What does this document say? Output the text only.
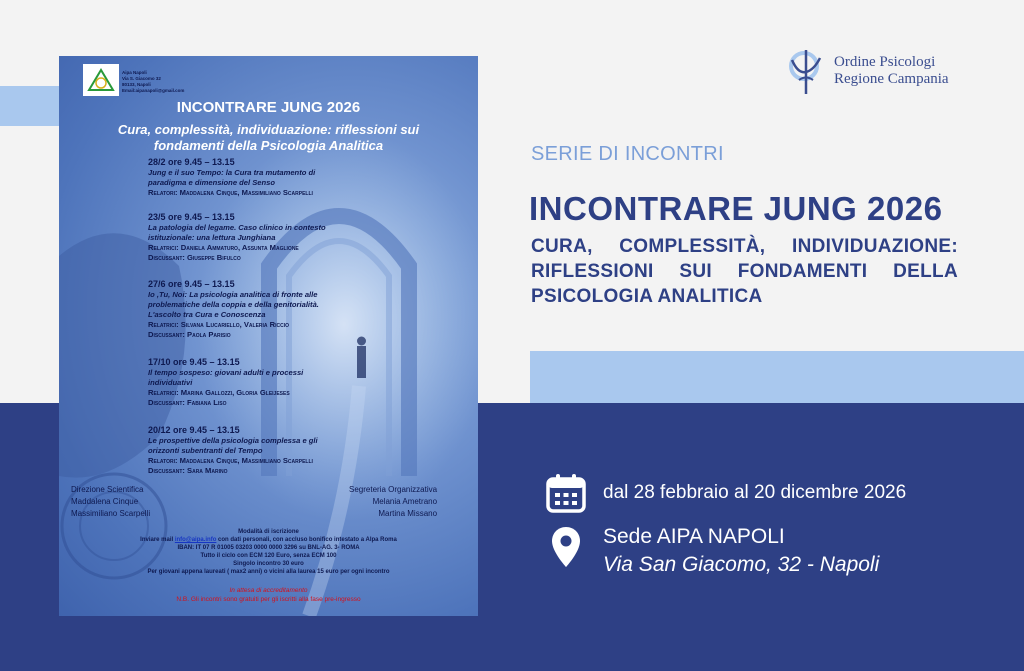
Ordine Psicologi
Regione Campania
SERIE DI INCONTRI
INCONTRARE JUNG 2026
CURA, COMPLESSITÀ, INDIVIDUAZIONE: RIFLESSIONI SUI FONDAMENTI DELLA PSICOLOGIA ANALITICA
dal 28 febbraio al 20 dicembre 2026
Sede AIPA NAPOLI
Via San Giacomo, 32 - Napoli
Aipa Napoli
Via S. Giacomo 32
80133, Napoli
Email:aipanapoli@gmail.com
INCONTRARE JUNG 2026
Cura, complessità, individuazione: riflessioni sui
fondamenti della Psicologia Analitica
28/2 ore 9.45 – 13.15
Jung e il suo Tempo: la Cura tra mutamento di
paradigma e dimensione del Senso
Relatori: Maddalena Cinque, Massimiliano Scarpelli
23/5 ore 9.45 – 13.15
La patologia del legame. Caso clinico in contesto
istituzionale: una lettura Junghiana
Relatrici: Daniela Ammaturo, Assunta Maglione
Discussant: Giuseppe Bifulco
27/6 ore 9.45 – 13.15
Io ,Tu, Noi: La psicologia analitica di fronte alle
problematiche della coppia e della genitorialità.
L'ascolto tra Cura e Conoscenza
Relatrici: Silvana Lucariello, Valeria Riccio
Discussant: Paola Parisio
17/10 ore 9.45 – 13.15
Il tempo sospeso: giovani adulti e processi
individuativi
Relatrici: Marina Gallozzi, Gloria Gleijeses
Discussant: Fabiana Liso
20/12 ore 9.45 – 13.15
Le prospettive della psicologia complessa e gli
orizzonti subentranti del Tempo
Relatori: Maddalena Cinque, Massimiliano Scarpelli
Discussant: Sara Marino
Direzione Scientifica
Maddalena Cinque
Massimiliano Scarpelli
Segreteria Organizzativa
Melania Ametrano
Martina Missano
Modalità di iscrizione
Inviare mail info@aipa.info con dati personali, con accluso bonifico intestato a Alpa Roma
IBAN: IT 07 R 01005 03203 0000 0000 3296 su BNL-AG. 3- ROMA
Tutto il ciclo con ECM 120 Euro, senza ECM 100
Singolo incontro 30 euro
Per giovani appena laureati ( max2 anni) o vicini alla laurea 15 euro per ogni incontro
In attesa di accreditamento
N.B. Gli incontri sono gratuiti per gli iscritti alla fase pre-ingresso
